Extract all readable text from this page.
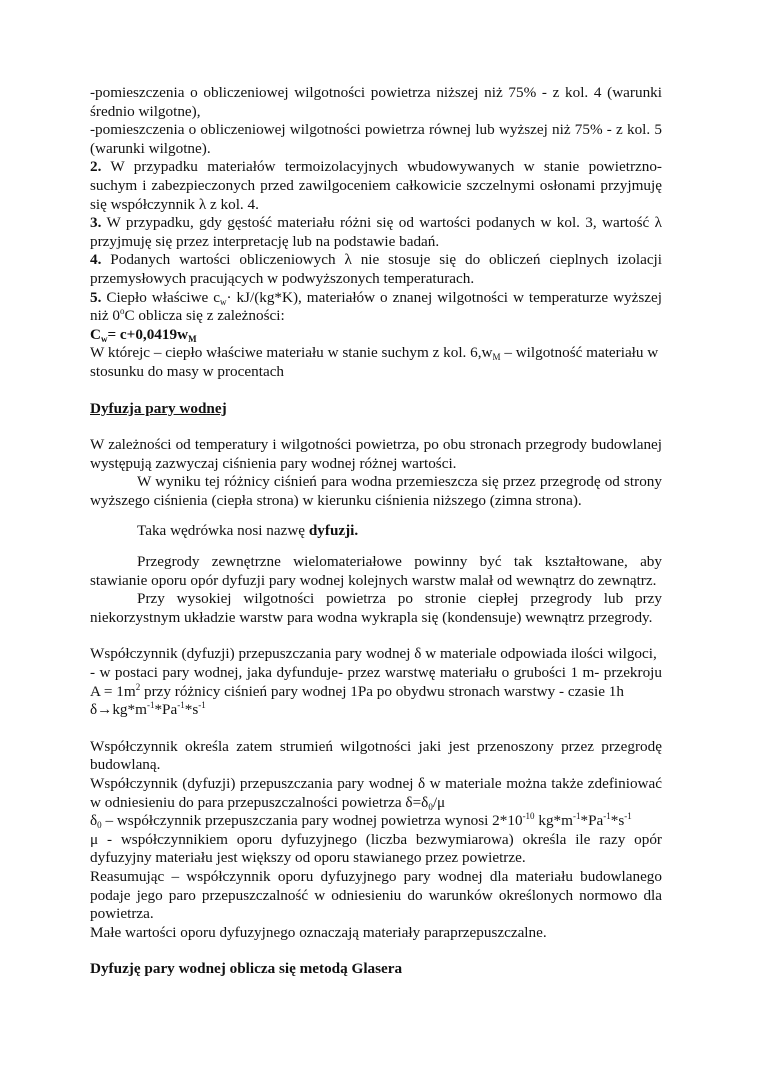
-pomieszczenia o obliczeniowej wilgotności powietrza niższej niż 75% - z kol. 4 (warunki średnio wilgotne),

-pomieszczenia o obliczeniowej wilgotności powietrza równej lub wyższej niż 75% - z kol. 5 (warunki wilgotne).

2. W przypadku materiałów termoizolacyjnych wbudowywanych w stanie powietrzno-suchym i zabezpieczonych przed zawilgoceniem całkowicie szczelnymi osłonami przyjmuję się współczynnik λ z kol. 4.

3. W przypadku, gdy gęstość materiału różni się od wartości podanych w kol. 3, wartość λ przyjmuję się przez interpretację lub na podstawie badań.

4. Podanych wartości obliczeniowych λ nie stosuje się do obliczeń cieplnych izolacji przemysłowych pracujących w podwyższonych temperaturach.

5. Ciepło właściwe $c_w\cdot kJ/(kg*K)$, materiałów o znanej wilgotności w temperaturze wyższej niż 0$^o$C oblicza się z zależności:

$C_w= c+0,0419w_M$

W którejc – ciepło właściwe materiału w stanie suchym z kol. $6,w_M$ – wilgotność materiału w stosunku do masy w procentach

Dyfuzja pary wodnej

W zależności od temperatury i wilgotności powietrza, po obu stronach przegrody budowlanej występują zazwyczaj ciśnienia pary wodnej różnej wartości.

W wyniku tej różnicy ciśnień para wodna przemieszcza się przez przegrodę od strony wyższego ciśnienia (ciepła strona) w kierunku ciśnienia niższego (zimna strona).

Taka wędrówka nosi nazwę dyfuzji.

Przegrody zewnętrzne wielomateriałowe powinny być tak kształtowane, aby stawianie oporu opór dyfuzji pary wodnej kolejnych warstw malał od wewnątrz do zewnątrz.

Przy wysokiej wilgotności powietrza po stronie ciepłej przegrody lub przy niekorzystnym układzie warstw para wodna wykrapla się (kondensuje) wewnątrz przegrody.

Współczynnik (dyfuzji) przepuszczania pary wodnej δ w materiale odpowiada ilości wilgoci,

- w postaci pary wodnej, jaka dyfunduje- przez warstwę materiału o grubości 1 m- przekroju $A = 1m^2$ przy różnicy ciśnień pary wodnej 1Pa po obydwu stronach warstwy - czasie 1h

$\delta\to kg*m^{-1}*Pa^{-1}*s^{-1}$

Współczynnik określa zatem strumień wilgotności jaki jest przenoszony przez przegrodę budowlaną.

Współczynnik (dyfuzji) przepuszczania pary wodnej δ w materiale można także zdefiniować w odniesieniu do para przepuszczalności powietrza $\delta=\delta_0/\mu$

$\delta_0$ – współczynnik przepuszczania pary wodnej powietrza wynosi $2*10^{-10}$ $kg*m^{-1}*Pa^{-1}*s^{-1}$

μ - współczynnikiem oporu dyfuzyjnego (liczba bezwymiarowa) określa ile razy opór dyfuzyjny materiału jest większy od oporu stawianego przez powietrze.

Reasumując – współczynnik oporu dyfuzyjnego pary wodnej dla materiału budowlanego podaje jego paro przepuszczalność w odniesieniu do warunków określonych normowo dla powietrza.

Małe wartości oporu dyfuzyjnego oznaczają materiały paraprzepuszczalne.

Dyfuzję pary wodnej oblicza się metodą Glasera
